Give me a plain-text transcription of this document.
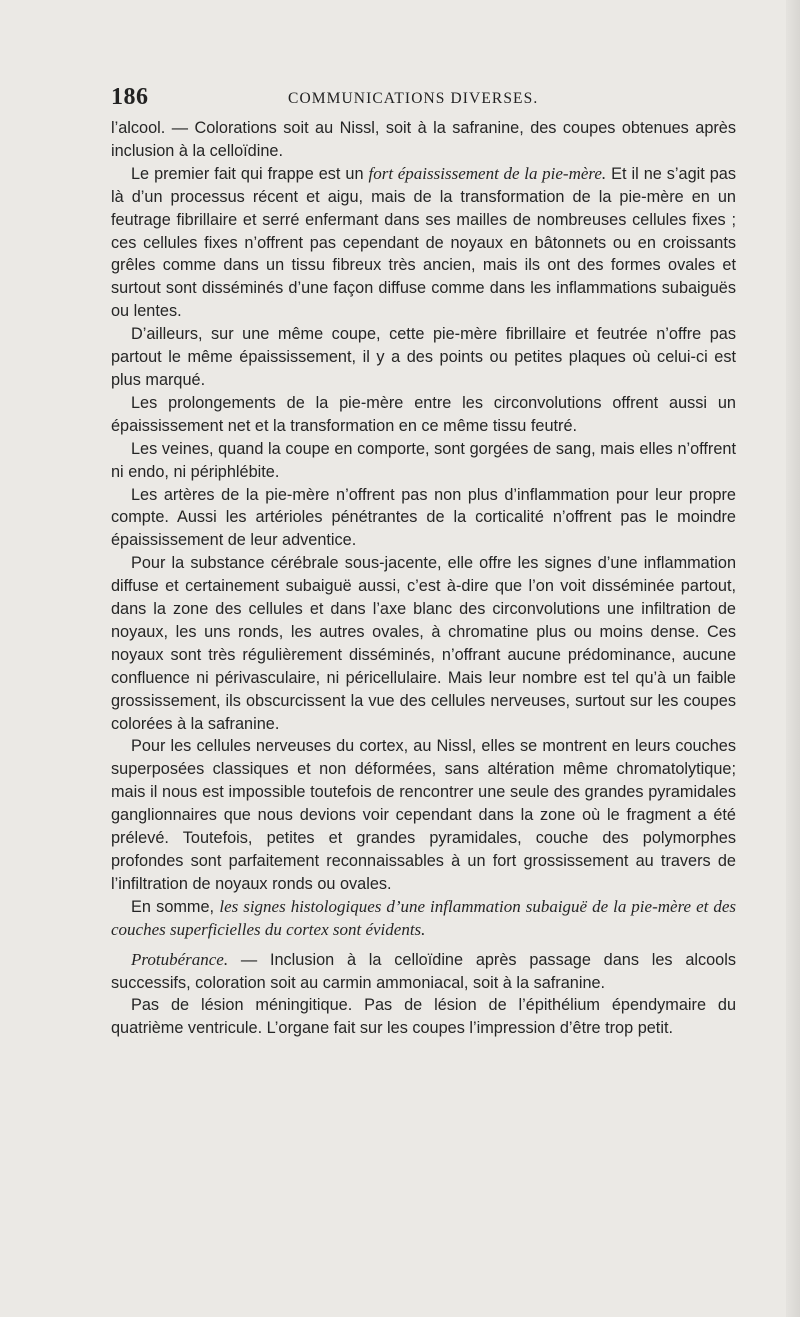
186	COMMUNICATIONS DIVERSES.

l’alcool. — Colorations soit au Nissl, soit à la safranine, des coupes obtenues après inclusion à la celloïdine.

Le premier fait qui frappe est un fort épaississement de la pie-mère. Et il ne s’agit pas là d’un processus récent et aigu, mais de la transformation de la pie-mère en un feutrage fibrillaire et serré enfermant dans ses mailles de nombreuses cellules fixes ; ces cellules fixes n’offrent pas cependant de noyaux en bâtonnets ou en croissants grêles comme dans un tissu fibreux très ancien, mais ils ont des formes ovales et surtout sont disséminés d’une façon diffuse comme dans les inflammations subaiguës ou lentes.

D’ailleurs, sur une même coupe, cette pie-mère fibrillaire et feutrée n’offre pas partout le même épaississement, il y a des points ou petites plaques où celui-ci est plus marqué.

Les prolongements de la pie-mère entre les circonvolutions offrent aussi un épaississement net et la transformation en ce même tissu feutré.

Les veines, quand la coupe en comporte, sont gorgées de sang, mais elles n’offrent ni endo, ni périphlébite.

Les artères de la pie-mère n’offrent pas non plus d’inflammation pour leur propre compte. Aussi les artérioles pénétrantes de la corticalité n’offrent pas le moindre épaississement de leur adventice.

Pour la substance cérébrale sous-jacente, elle offre les signes d’une inflammation diffuse et certainement subaiguë aussi, c’est à-dire que l’on voit disséminée partout, dans la zone des cellules et dans l’axe blanc des circonvolutions une infiltration de noyaux, les uns ronds, les autres ovales, à chromatine plus ou moins dense. Ces noyaux sont très régulièrement disséminés, n’offrant aucune prédominance, aucune confluence ni périvasculaire, ni péricellulaire. Mais leur nombre est tel qu’à un faible grossissement, ils obscurcissent la vue des cellules nerveuses, surtout sur les coupes colorées à la safranine.

Pour les cellules nerveuses du cortex, au Nissl, elles se montrent en leurs couches superposées classiques et non déformées, sans altération même chromatolytique; mais il nous est impossible toutefois de rencontrer une seule des grandes pyramidales ganglionnaires que nous devions voir cependant dans la zone où le fragment a été prélevé. Toutefois, petites et grandes pyramidales, couche des polymorphes profondes sont parfaitement reconnaissables à un fort grossissement au travers de l’infiltration de noyaux ronds ou ovales.

En somme, les signes histologiques d’une inflammation subaiguë de la pie-mère et des couches superficielles du cortex sont évidents.

Protubérance. — Inclusion à la celloïdine après passage dans les alcools successifs, coloration soit au carmin ammoniacal, soit à la safranine.

Pas de lésion méningitique. Pas de lésion de l’épithélium épendymaire du quatrième ventricule. L’organe fait sur les coupes l’impression d’être trop petit.
